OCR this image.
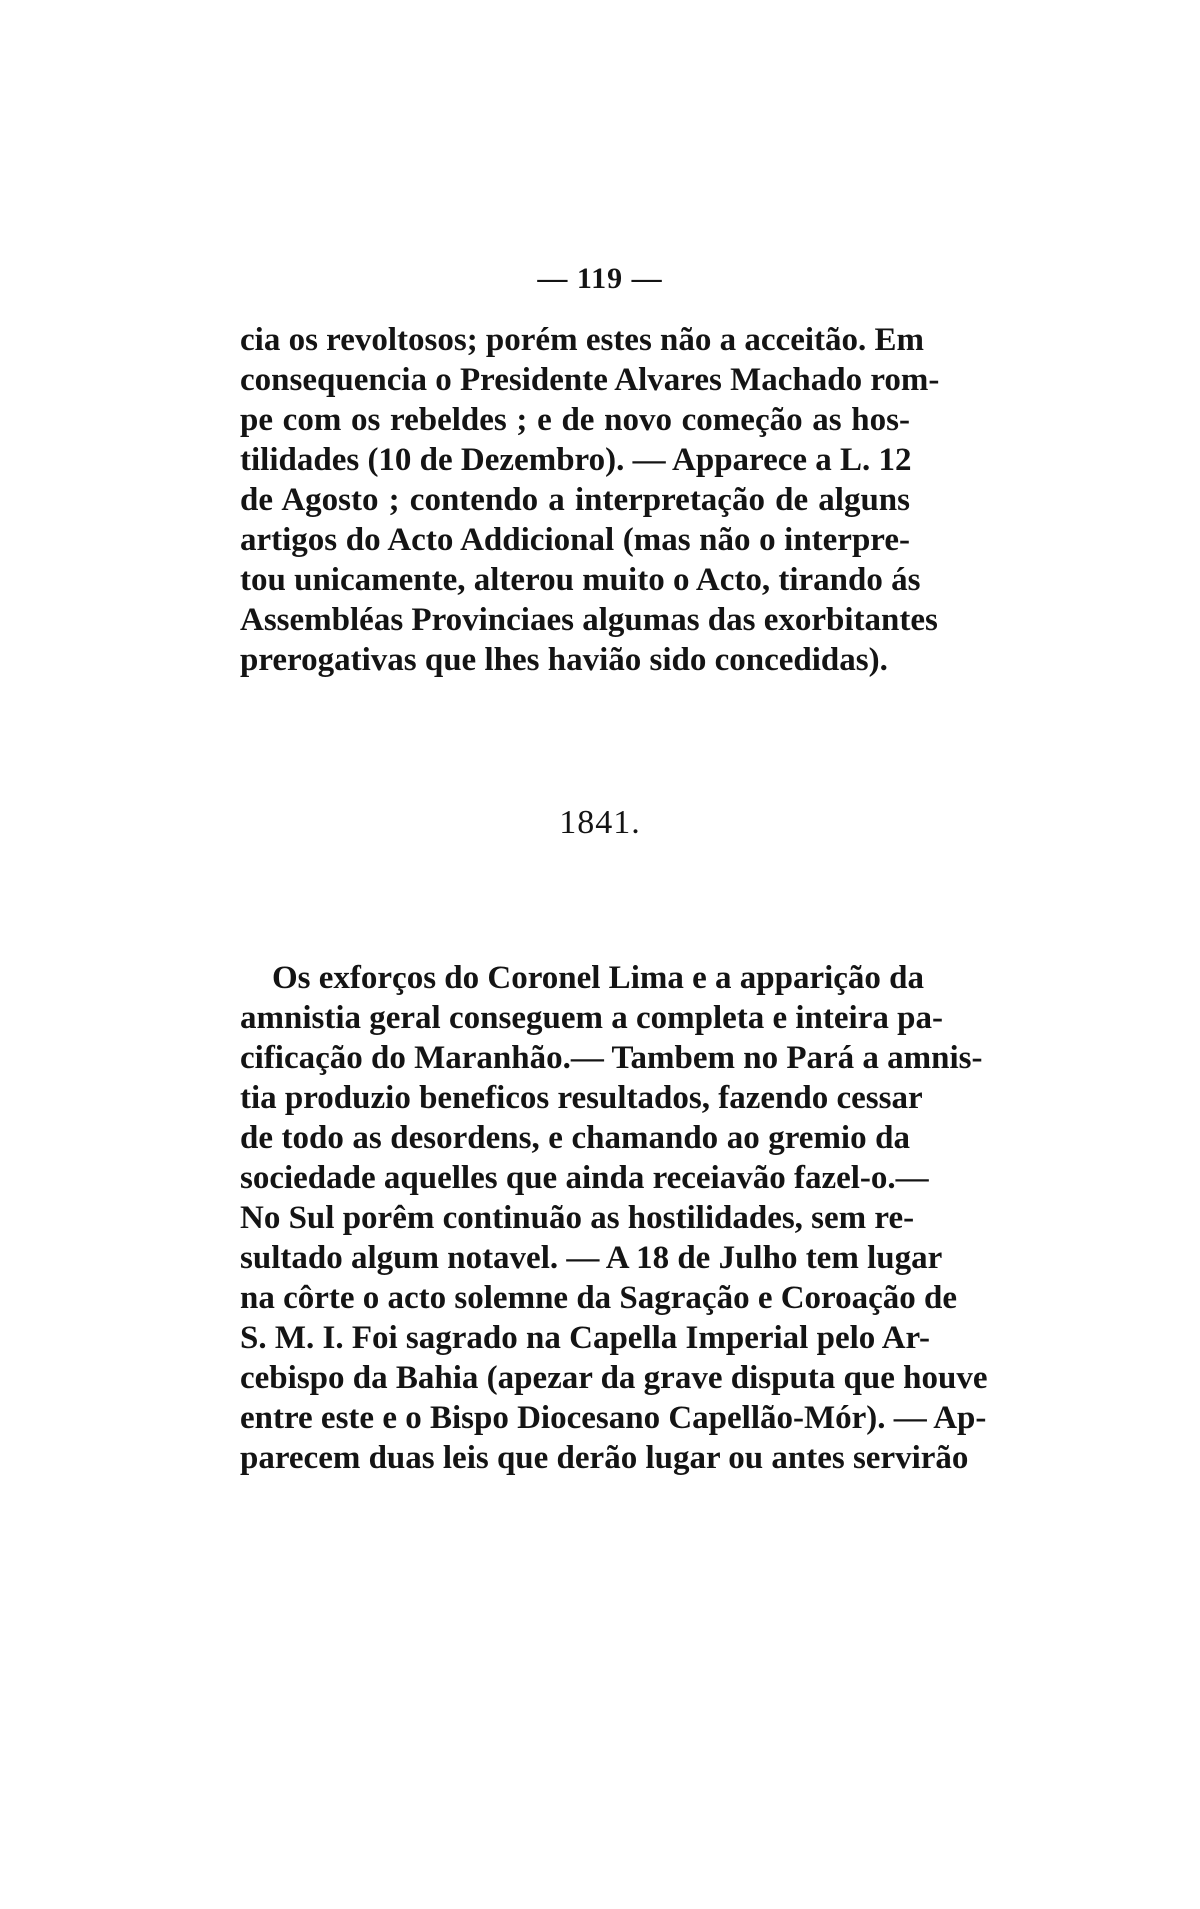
— 119 —
cia os revoltosos; porém estes não a acceitão. Em
consequencia o Presidente Alvares Machado rom-
pe com os rebeldes ; e de novo começão as hos-
tilidades (10 de Dezembro). — Apparece a L. 12
de Agosto ; contendo a interpretação de alguns
artigos do Acto Addicional (mas não o interpre-
tou unicamente, alterou muito o Acto, tirando ás
Assembléas Provinciaes algumas das exorbitantes
prerogativas que lhes havião sido concedidas).
1841.
Os exforços do Coronel Lima e a apparição da
amnistia geral conseguem a completa e inteira pa-
cificação do Maranhão.— Tambem no Pará a amnis-
tia produzio beneficos resultados, fazendo cessar
de todo as desordens, e chamando ao gremio da
sociedade aquelles que ainda receiavão fazel-o.—
No Sul porêm continuão as hostilidades, sem re-
sultado algum notavel. — A 18 de Julho tem lugar
na côrte o acto solemne da Sagração e Coroação de
S. M. I. Foi sagrado na Capella Imperial pelo Ar-
cebispo da Bahia (apezar da grave disputa que houve
entre este e o Bispo Diocesano Capellão-Mór). — Ap-
parecem duas leis que derão lugar ou antes servirão
